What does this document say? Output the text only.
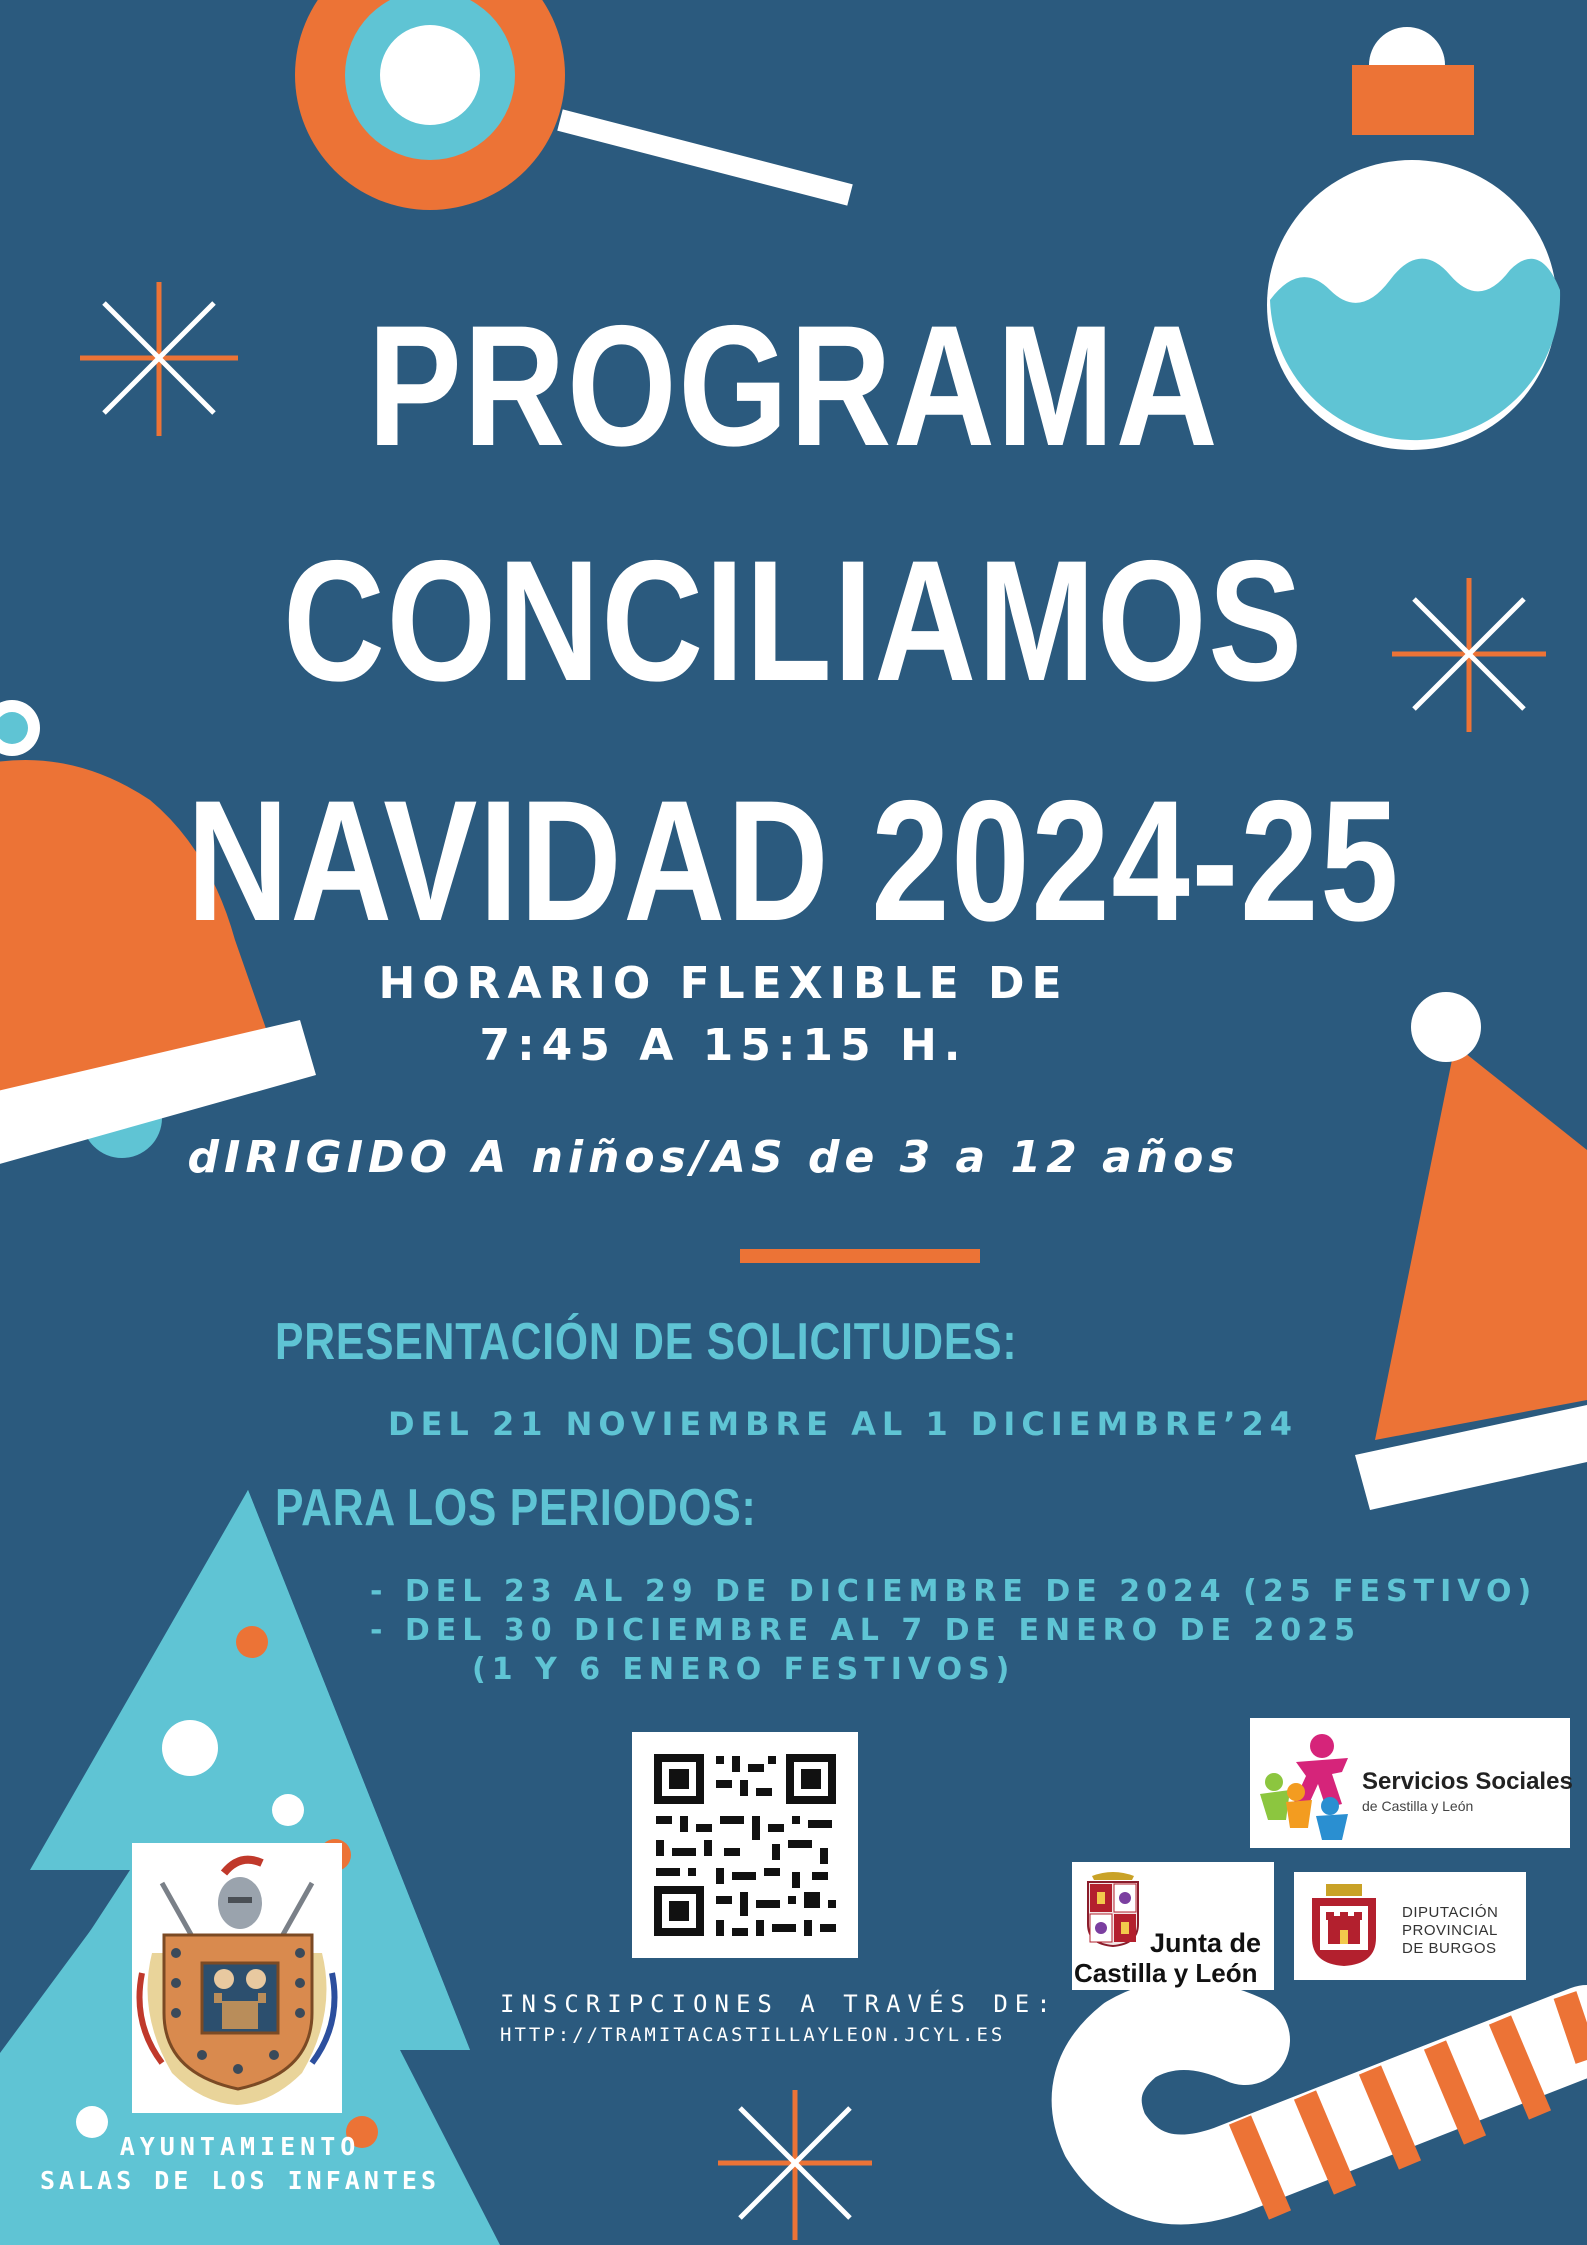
PROGRAMA
CONCILIAMOS
NAVIDAD 2024-25
HORARIO FLEXIBLE DE
7:45 A 15:15 H.
dIRIGIDO A niños/AS de 3 a 12 años
PRESENTACIÓN DE SOLICITUDES:
DEL 21 NOVIEMBRE AL 1 DICIEMBRE’24
PARA LOS PERIODOS:
- DEL 23 AL 29 DE DICIEMBRE DE 2024 (25 FESTIVO)
- DEL 30 DICIEMBRE AL 7 DE ENERO DE 2025
(1 Y 6 ENERO FESTIVOS)
INSCRIPCIONES A TRAVÉS DE:
HTTP://TRAMITACASTILLAYLEON.JCYL.ES
Servicios Sociales
de Castilla y León
Junta de
Castilla y León
DIPUTACIÓN
PROVINCIAL
DE BURGOS
AYUNTAMIENTO
SALAS DE LOS INFANTES
